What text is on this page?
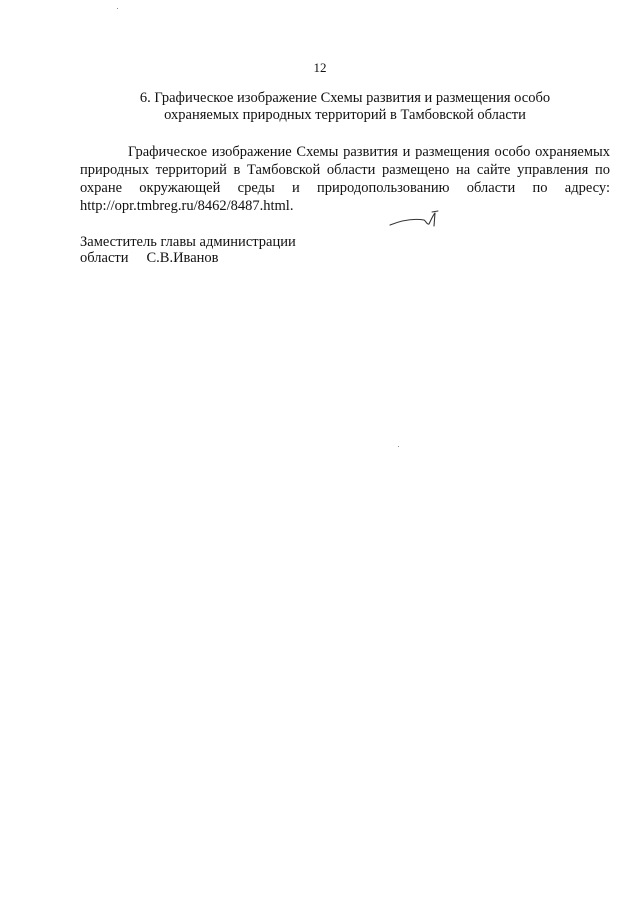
12
6. Графическое изображение Схемы развития и размещения особо
охраняемых природных территорий в Тамбовской области
Графическое изображение Схемы развития и размещения особо охраняемых природных территорий в Тамбовской области размещено на сайте управления по охране окружающей среды и природопользованию области по адресу: http://opr.tmbreg.ru/8462/8487.html.
Заместитель главы администрации
области С.В.Иванов
